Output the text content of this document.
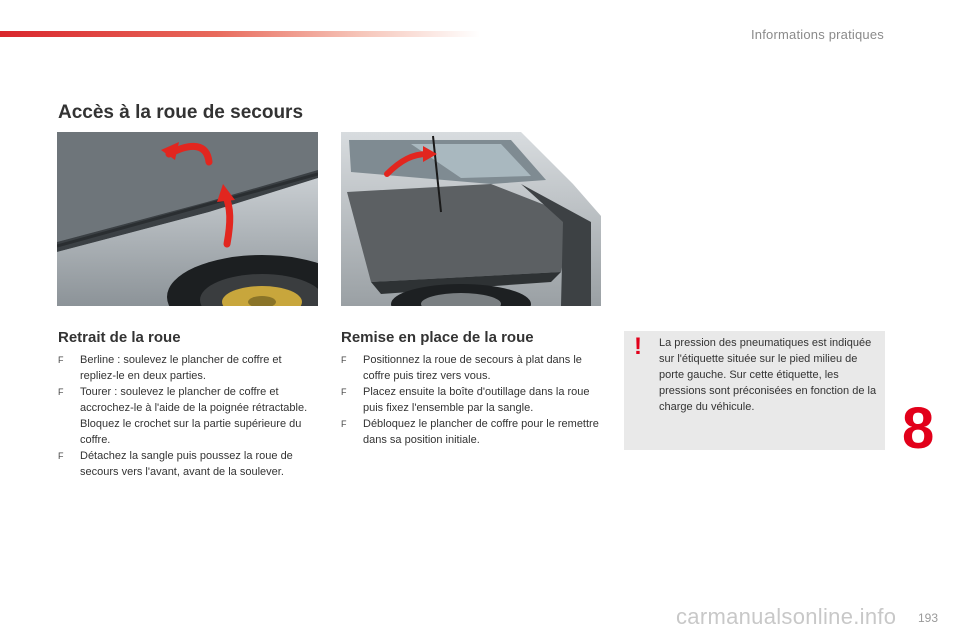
Informations pratiques
Accès à la roue de secours
Retrait de la roue
F Berline : soulevez le plancher de coffre et repliez-le en deux parties.
F Tourer : soulevez le plancher de coffre et accrochez-le à l'aide de la poignée rétractable. Bloquez le crochet sur la partie supérieure du coffre.
F Détachez la sangle puis poussez la roue de secours vers l'avant, avant de la soulever.
Remise en place de la roue
F Positionnez la roue de secours à plat dans le coffre puis tirez vers vous.
F Placez ensuite la boîte d'outillage dans la roue puis fixez l'ensemble par la sangle.
F Débloquez le plancher de coffre pour le remettre dans sa position initiale.
! La pression des pneumatiques est indiquée sur l'étiquette située sur le pied milieu de porte gauche. Sur cette étiquette, les pressions sont préconisées en fonction de la charge du véhicule.	8
carmanualsonline.info 193
